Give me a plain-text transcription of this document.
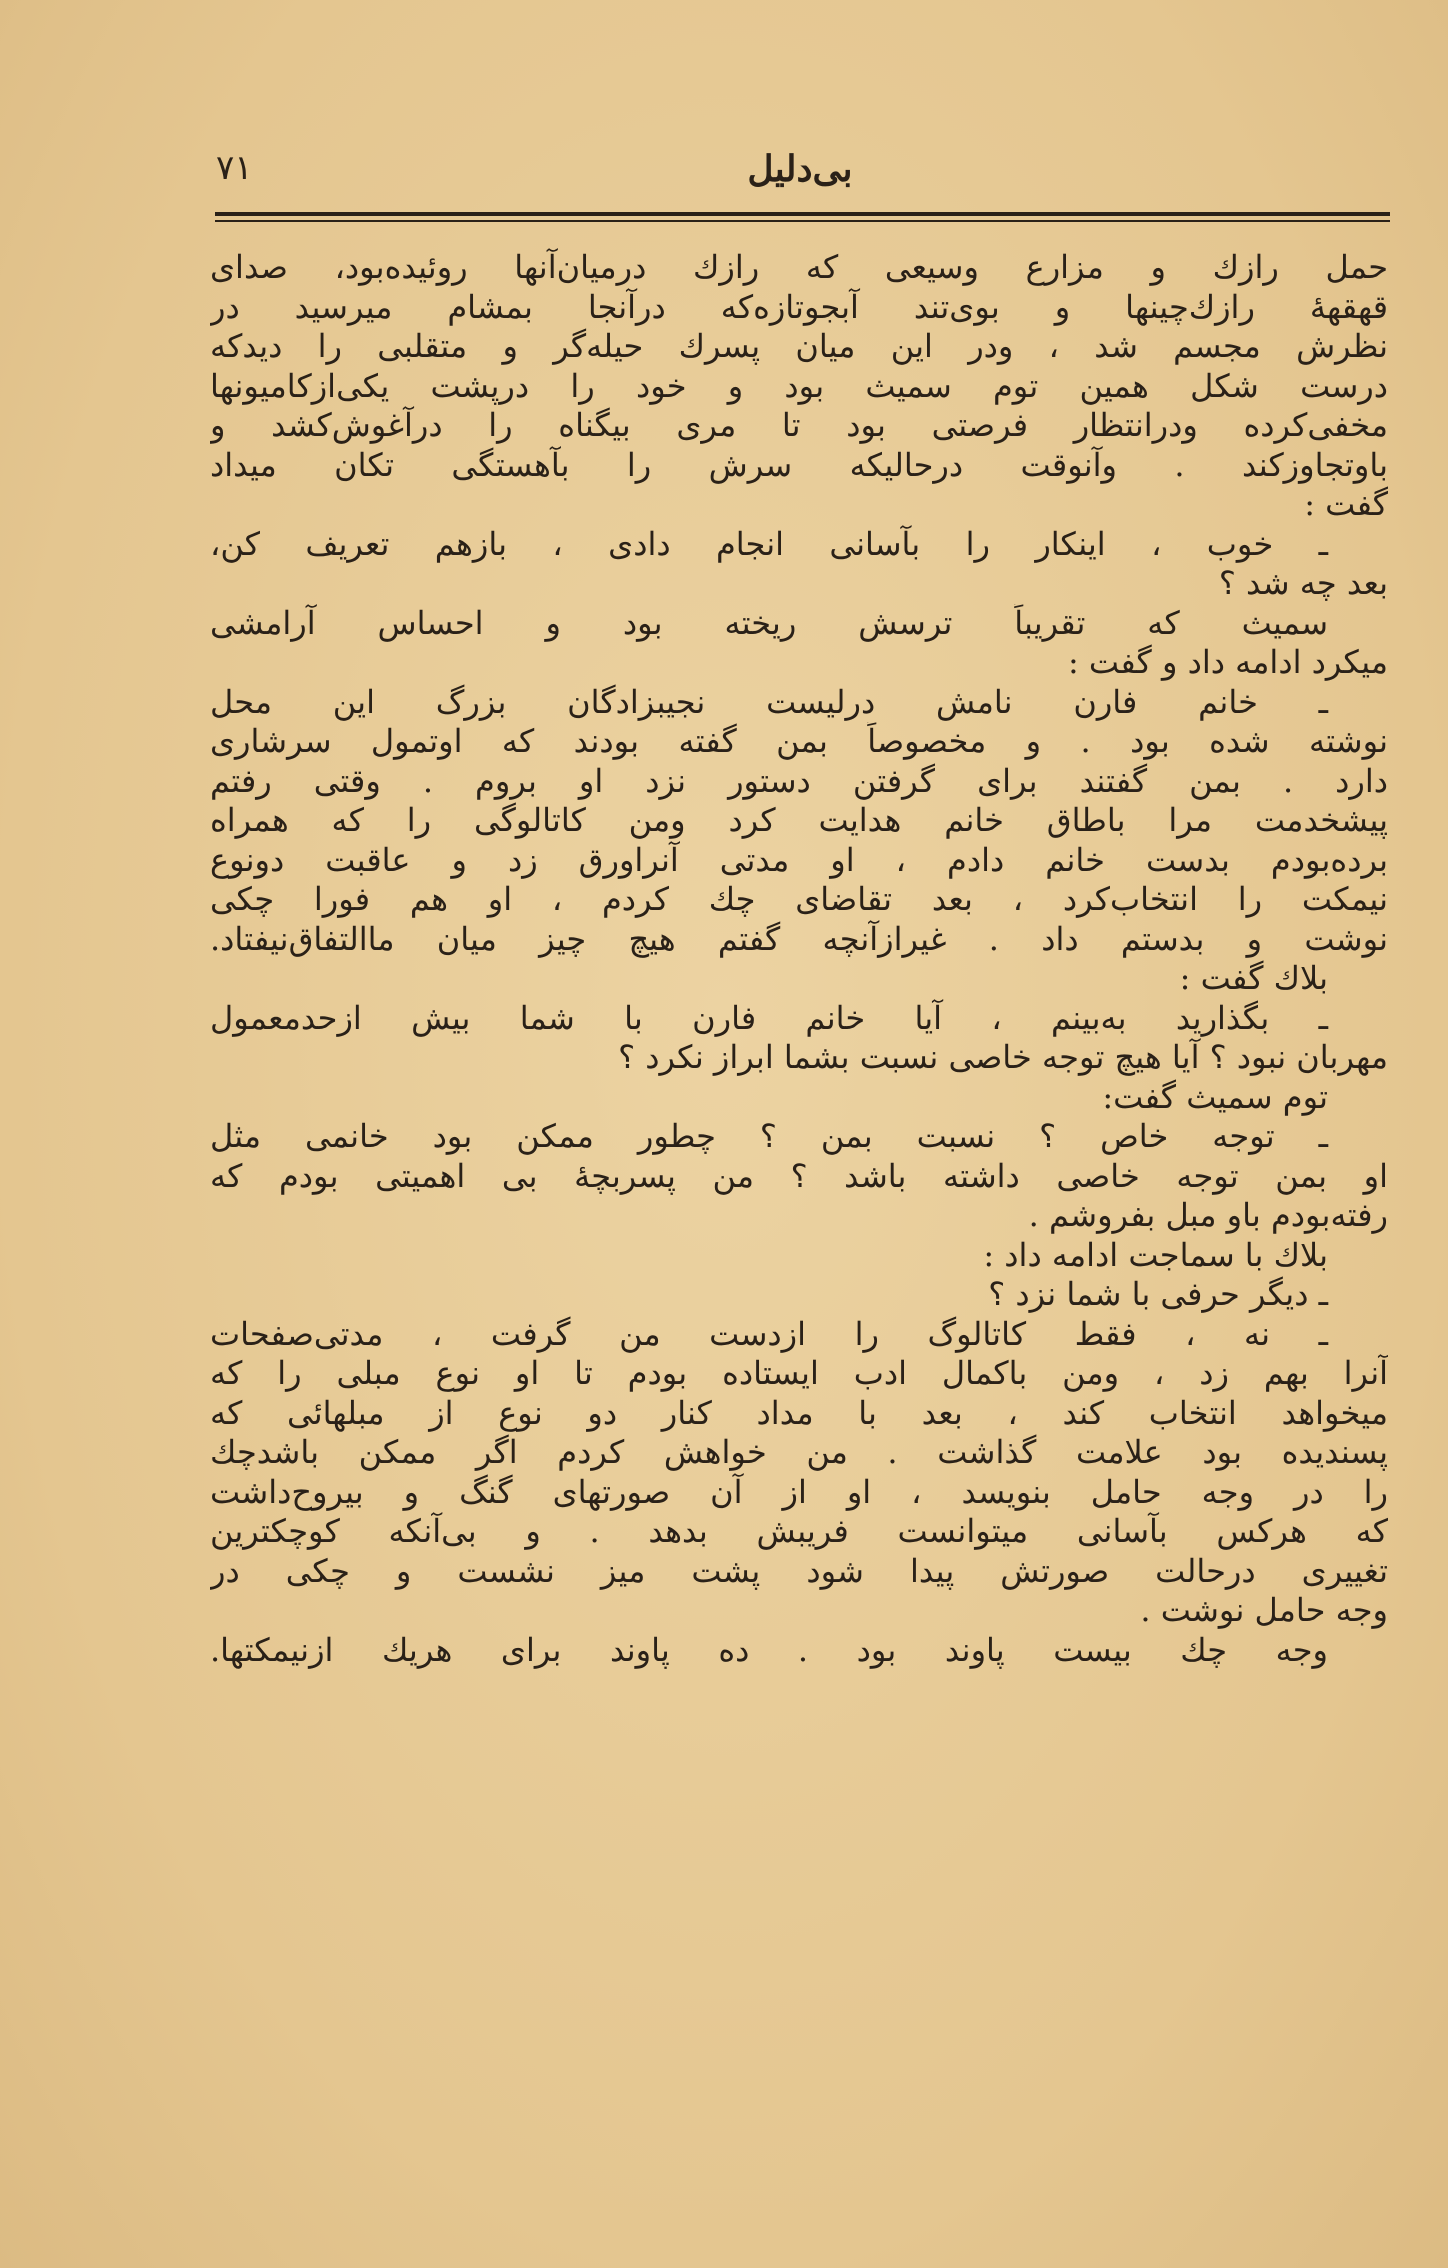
۷۱	بی‌دلیل
حمل رازك و مزارع وسیعی که رازك درمیان‌آنها روئیده‌بود، صدای
قهقههٔ رازك‌چینها و بوی‌تند آبجوتازه‌که درآنجا بمشام میرسید در
نظرش مجسم شد ، ودر این میان پسرك حیله‌گر و متقلبی را دیدکه
درست شکل همین توم سمیث بود و خود را درپشت یکی‌ازکامیونها
مخفی‌کرده ودرانتظار فرصتی بود تا مری بیگناه را درآغوش‌کشد و
باوتجاوزکند . وآنوقت درحالیکه سرش را بآهستگی تکان میداد
گفت :
ـ خوب ، اینکار را بآسانی انجام دادی ، بازهم تعریف کن،
بعد چه شد ؟
سمیث که تقریباً ترسش ریخته بود و احساس آرامشی
میکرد ادامه داد و گفت :
ـ خانم فارن نامش درلیست نجیبزادگان بزرگ این محل
نوشته شده بود . و مخصوصاً بمن گفته بودند که اوتمول سرشاری
دارد . بمن گفتند برای گرفتن دستور نزد او بروم . وقتی رفتم
پیشخدمت مرا باطاق خانم هدایت کرد ومن کاتالوگی را که همراه
برده‌بودم بدست خانم دادم ، او مدتی آنراورق زد و عاقبت دونوع
نیمکت را انتخاب‌کرد ، بعد تقاضای چك کردم ، او هم فورا چکی
نوشت و بدستم داد . غیرازآنچه گفتم هیچ چیز میان ماالتفاق‌نیفتاد.
بلاك گفت :
ـ بگذارید به‌بینم ، آیا خانم فارن با شما بیش ازحدمعمول
مهربان نبود ؟ آیا هیچ توجه خاصی نسبت بشما ابراز نکرد ؟
توم سمیث گفت:
ـ توجه خاص ؟ نسبت بمن ؟ چطور ممکن بود خانمی مثل
او بمن توجه خاصی داشته باشد ؟ من پسربچهٔ بی اهمیتی بودم که
رفته‌بودم باو مبل بفروشم .
بلاك با سماجت ادامه داد :
ـ دیگر حرفی با شما نزد ؟
ـ نه ، فقط کاتالوگ را ازدست من گرفت ، مدتی‌صفحات
آنرا بهم زد ، ومن باکمال ادب ایستاده بودم تا او نوع مبلی را که
میخواهد انتخاب کند ، بعد با مداد کنار دو نوع از مبلهائی که
پسندیده بود علامت گذاشت . من خواهش کردم اگر ممکن باشدچك
را در وجه حامل بنویسد ، او از آن صورتهای گنگ و بیروح‌داشت
که هرکس بآسانی میتوانست فریبش بدهد . و بی‌آنکه کوچکترین
تغییری درحالت صورتش پیدا شود پشت میز نشست و چکی در
وجه حامل نوشت .
وجه چك بیست پاوند بود . ده پاوند برای هریك ازنیمکتها.
